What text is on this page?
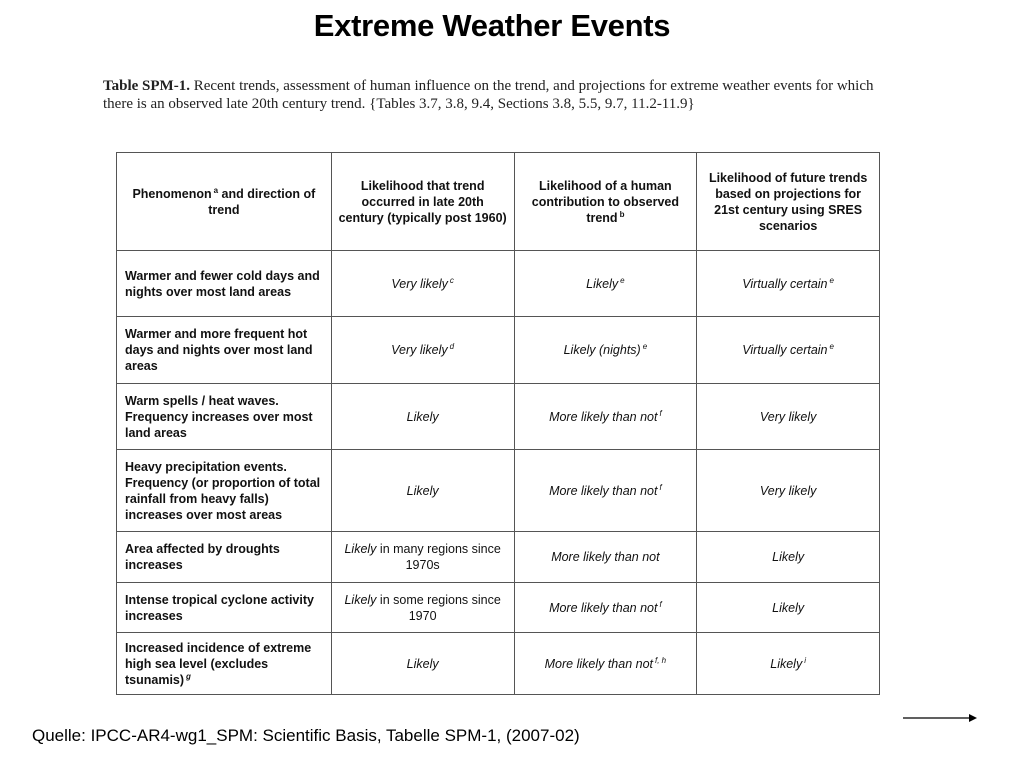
Extreme Weather Events
Table SPM-1. Recent trends, assessment of human influence on the trend, and projections for extreme weather events for which there is an observed late 20th century trend. {Tables 3.7, 3.8, 9.4, Sections 3.8, 5.5, 9.7, 11.2-11.9}
Phenomenon $^a$ and direction of trend	Likelihood that trend occurred in late 20th century (typically post 1960)	Likelihood of a human contribution to observed trend $^b$	Likelihood of future trends based on projections for 21st century using SRES scenarios
Warmer and fewer cold days and nights over most land areas	Very likely $^c$	Likely $^e$	Virtually certain $^e$
Warmer and more frequent hot days and nights over most land areas	Very likely $^d$	Likely (nights) $^e$	Virtually certain $^e$
Warm spells / heat waves. Frequency increases over most land areas	Likely	More likely than not $^f$	Very likely
Heavy precipitation events. Frequency (or proportion of total rainfall from heavy falls) increases over most areas	Likely	More likely than not $^f$	Very likely
Area affected by droughts increases	Likely in many regions since 1970s	More likely than not	Likely
Intense tropical cyclone activity increases	Likely in some regions since 1970	More likely than not $^f$	Likely
Increased incidence of extreme high sea level (excludes tsunamis) $^g$	Likely	More likely than not $^{f, h}$	Likely $^i$
Quelle: IPCC-AR4-wg1_SPM: Scientific Basis, Tabelle SPM-1, (2007-02)
